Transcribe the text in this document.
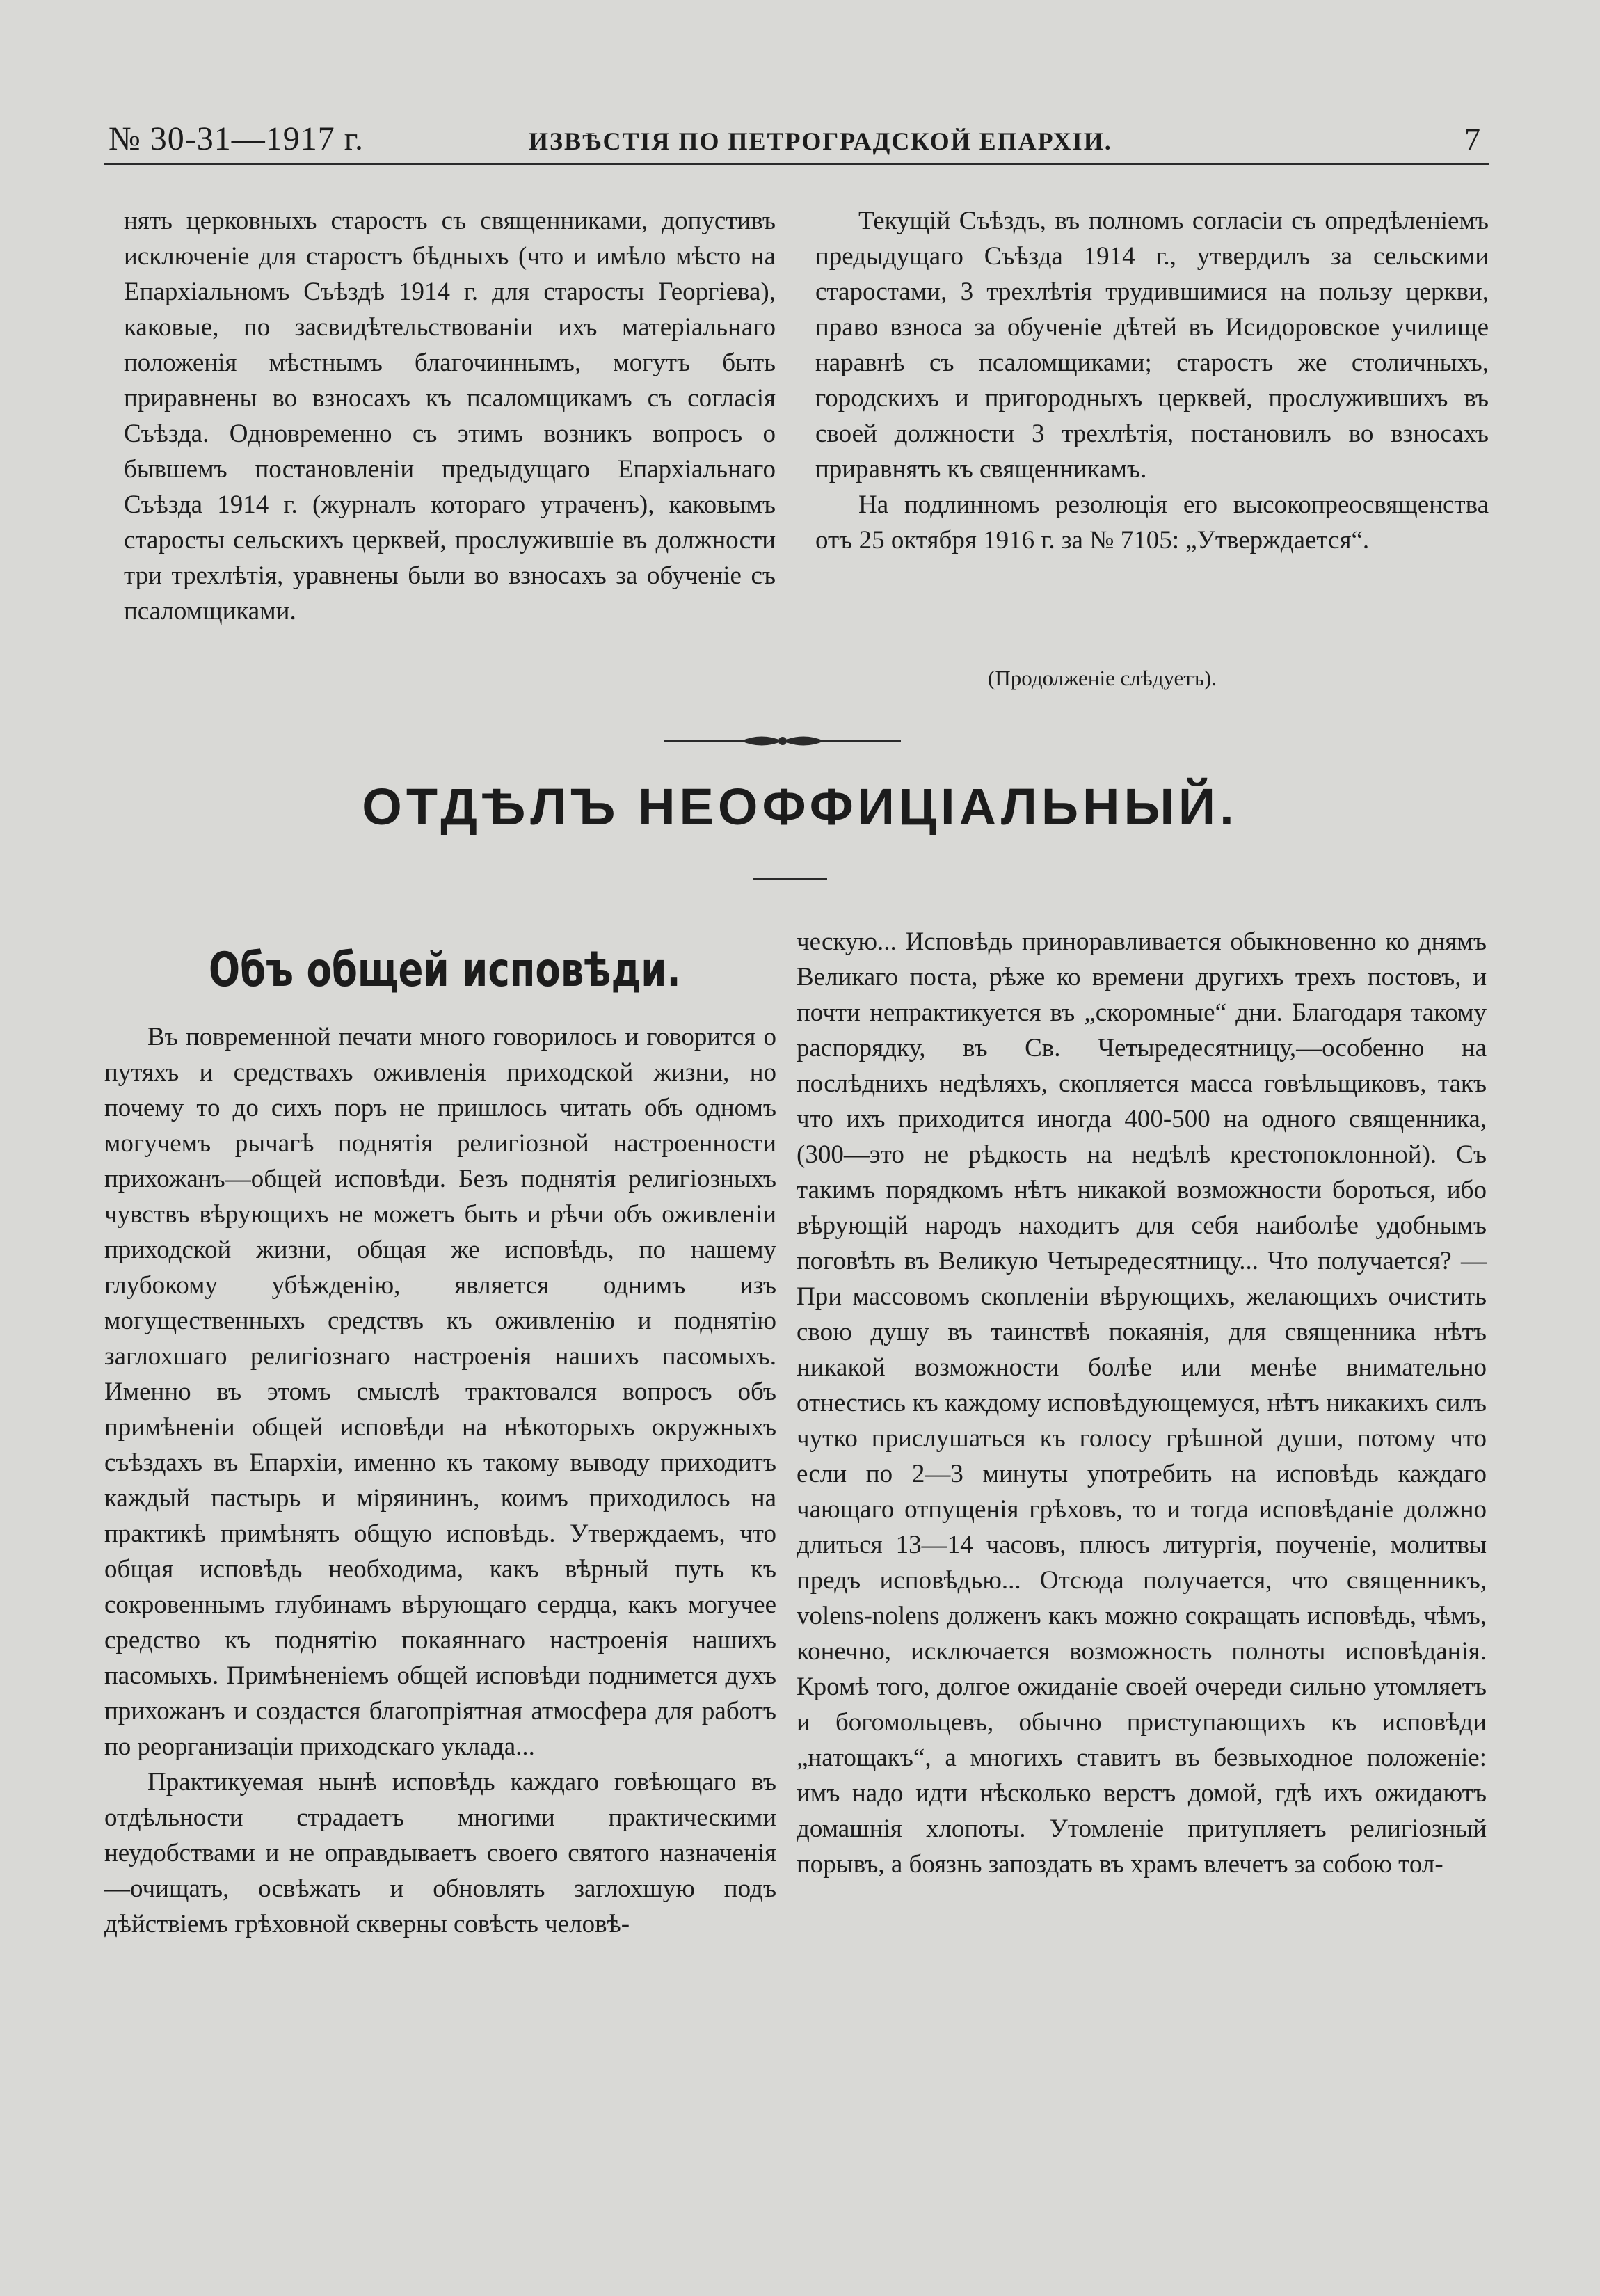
№ 30-31—1917 г.	ИЗВѢСТІЯ ПО ПЕТРОГРАДСКОЙ ЕПАРХІИ.	7

нять церковныхъ старостъ съ священниками, допустивъ исключеніе для старостъ бѣдныхъ (что и имѣло мѣсто на Епархіальномъ Съѣздѣ 1914 г. для старосты Георгіева), каковые, по засвидѣтельствованіи ихъ матеріальнаго положенія мѣстнымъ благочиннымъ, могутъ быть приравнены во взносахъ къ псаломщикамъ съ согласія Съѣзда. Одновременно съ этимъ возникъ вопросъ о бывшемъ постановленіи предыдущаго Епархіальнаго Съѣзда 1914 г. (журналъ котораго утраченъ), каковымъ старосты сельскихъ церквей, прослужившіе въ должности три трехлѣтія, уравнены были во взносахъ за обученіе съ псаломщиками.

Текущій Съѣздъ, въ полномъ согласіи съ опредѣленіемъ предыдущаго Съѣзда 1914 г., утвердилъ за сельскими старостами, 3 трехлѣтія трудившимися на пользу церкви, право взноса за обученіе дѣтей въ Исидоровское училище наравнѣ съ псаломщиками; старостъ же столичныхъ, городскихъ и пригородныхъ церквей, прослужившихъ въ своей должности 3 трехлѣтія, постановилъ во взносахъ приравнять къ священникамъ.

На подлинномъ резолюція его высокопреосвященства отъ 25 октября 1916 г. за № 7105: „Утверждается“.

(Продолженіе слѣдуетъ).
ОТДѢЛЪ НЕОФФИЦІАЛЬНЫЙ.
Объ общей исповѣди.

Въ повременной печати много говорилось и говорится о путяхъ и средствахъ оживленія приходской жизни, но почему то до сихъ поръ не пришлось читать объ одномъ могучемъ рычагѣ поднятія религіозной настроенности прихожанъ—общей исповѣди. Безъ поднятія религіозныхъ чувствъ вѣрующихъ не можетъ быть и рѣчи объ оживленіи приходской жизни, общая же исповѣдь, по нашему глубокому убѣжденію, является однимъ изъ могущественныхъ средствъ къ оживленію и поднятію заглохшаго религіознаго настроенія нашихъ пасомыхъ. Именно въ этомъ смыслѣ трактовался вопросъ объ примѣненіи общей исповѣди на нѣкоторыхъ окружныхъ съѣздахъ въ Епархіи, именно къ такому выводу приходитъ каждый пастырь и міряининъ, коимъ приходилось на практикѣ примѣнять общую исповѣдь. Утверждаемъ, что общая исповѣдь необходима, какъ вѣрный путь къ сокровеннымъ глубинамъ вѣрующаго сердца, какъ могучее средство къ поднятію покаяннаго настроенія нашихъ пасомыхъ. Примѣненіемъ общей исповѣди поднимется духъ прихожанъ и создастся благопріятная атмосфера для работъ по реорганизаціи приходскаго уклада...

Практикуемая нынѣ исповѣдь каждаго говѣющаго въ отдѣльности страдаетъ многими практическими неудобствами и не оправдываетъ своего святого назначенія—очищать, освѣжать и обновлять заглохшую подъ дѣйствіемъ грѣховной скверны совѣсть человѣ-

ческую... Исповѣдь приноравливается обыкновенно ко днямъ Великаго поста, рѣже ко времени другихъ трехъ постовъ, и почти непрактикуется въ „скоромные“ дни. Благодаря такому распорядку, въ Св. Четыредесятницу,—особенно на послѣднихъ недѣляхъ, скопляется масса говѣльщиковъ, такъ что ихъ приходится иногда 400-500 на одного священника, (300—это не рѣдкость на недѣлѣ крестопоклонной). Съ такимъ порядкомъ нѣтъ никакой возможности бороться, ибо вѣрующій народъ находитъ для себя наиболѣе удобнымъ поговѣть въ Великую Четыредесятницу... Что получается? — При массовомъ скопленіи вѣрующихъ, желающихъ очистить свою душу въ таинствѣ покаянія, для священника нѣтъ никакой возможности болѣе или менѣе внимательно отнестись къ каждому исповѣдующемуся, нѣтъ никакихъ силъ чутко прислушаться къ голосу грѣшной души, потому что если по 2—3 минуты употребить на исповѣдь каждаго чающаго отпущенія грѣховъ, то и тогда исповѣданіе должно длиться 13—14 часовъ, плюсъ литургія, поученіе, молитвы предъ исповѣдью... Отсюда получается, что священникъ, volens-nolens долженъ какъ можно сокращать исповѣдь, чѣмъ, конечно, исключается возможность полноты исповѣданія. Кромѣ того, долгое ожиданіе своей очереди сильно утомляетъ и богомольцевъ, обычно приступающихъ къ исповѣди „натощакъ“, а многихъ ставитъ въ безвыходное положеніе: имъ надо идти нѣсколько верстъ домой, гдѣ ихъ ожидаютъ домашнія хлопоты. Утомленіе притупляетъ религіозный порывъ, а боязнь запоздать въ храмъ влечетъ за собою тол-
